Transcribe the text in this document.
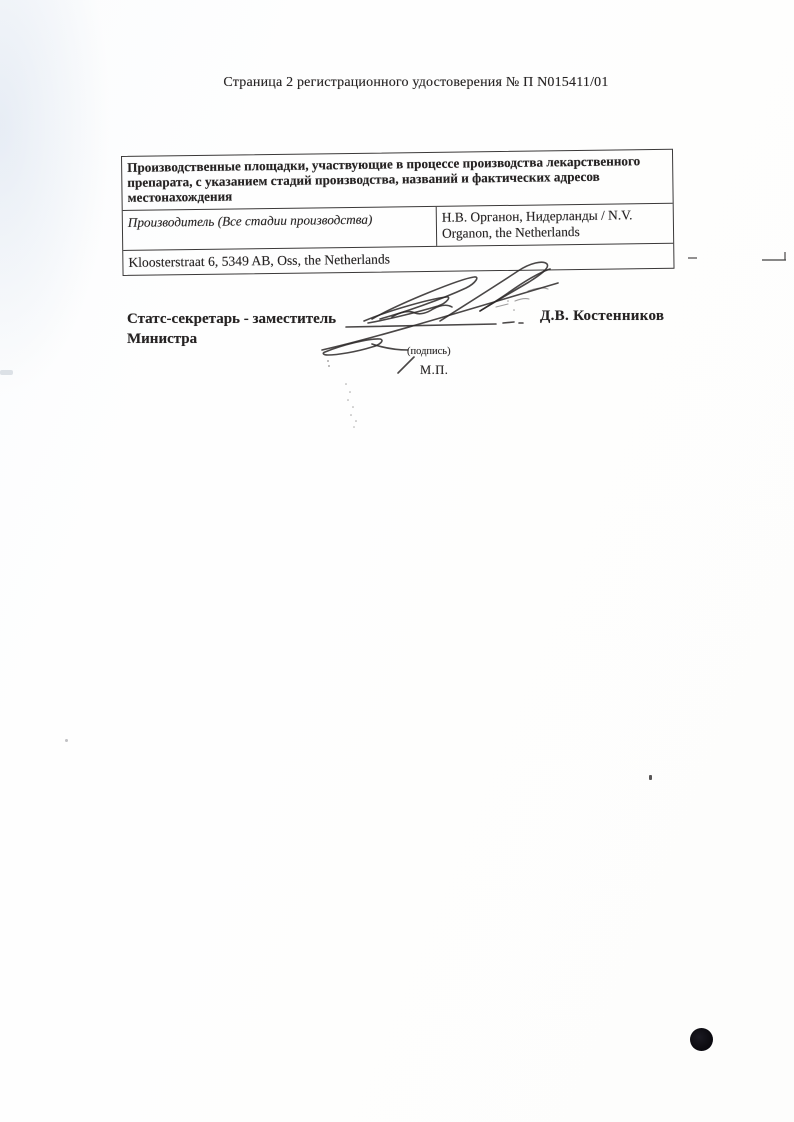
Страница 2 регистрационного удостоверения № П N015411/01
Производственные площадки, участвующие в процессе производства лекарственного препарата, с указанием стадий производства, названий и фактических адресов местонахождения
Производитель (Все стадии производства)	Н.В. Органон, Нидерланды / N.V. Organon, the Netherlands
Kloosterstraat 6, 5349 AB, Oss, the Netherlands
Статс-секретарь - заместитель Министра
Д.В. Костенников
(подпись)
М.П.
